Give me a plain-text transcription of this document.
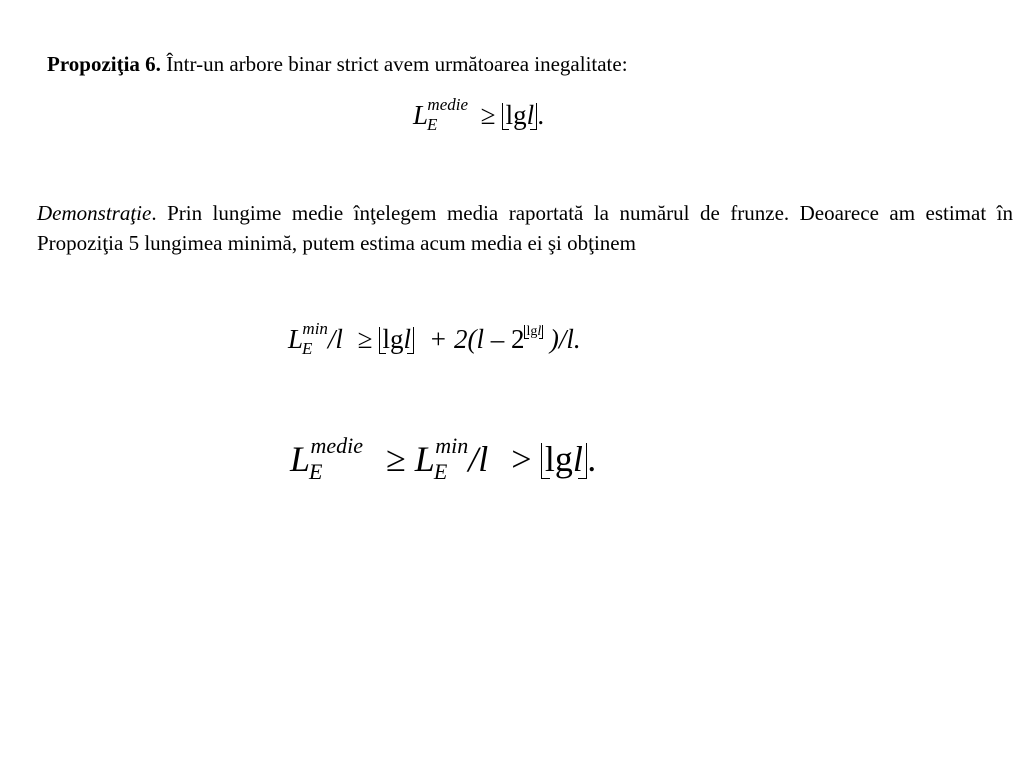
Propoziţia 6. Într-un arbore binar strict avem următoarea inegalitate:
$L_E^{medie} \ge \lg l$ .
Demonstraţie. Prin lungime medie înţelegem media raportată la numărul de frunze. Deoarece am estimat în Propoziţia 5 lungimea minimă, putem estima acum media ei şi obţinem
$L_E^{min}/l \ge \lg l + 2(l - 2$ lgl )/l.
$L_E^{medie} \ge L_E^{min}/l > \lg l$ .
